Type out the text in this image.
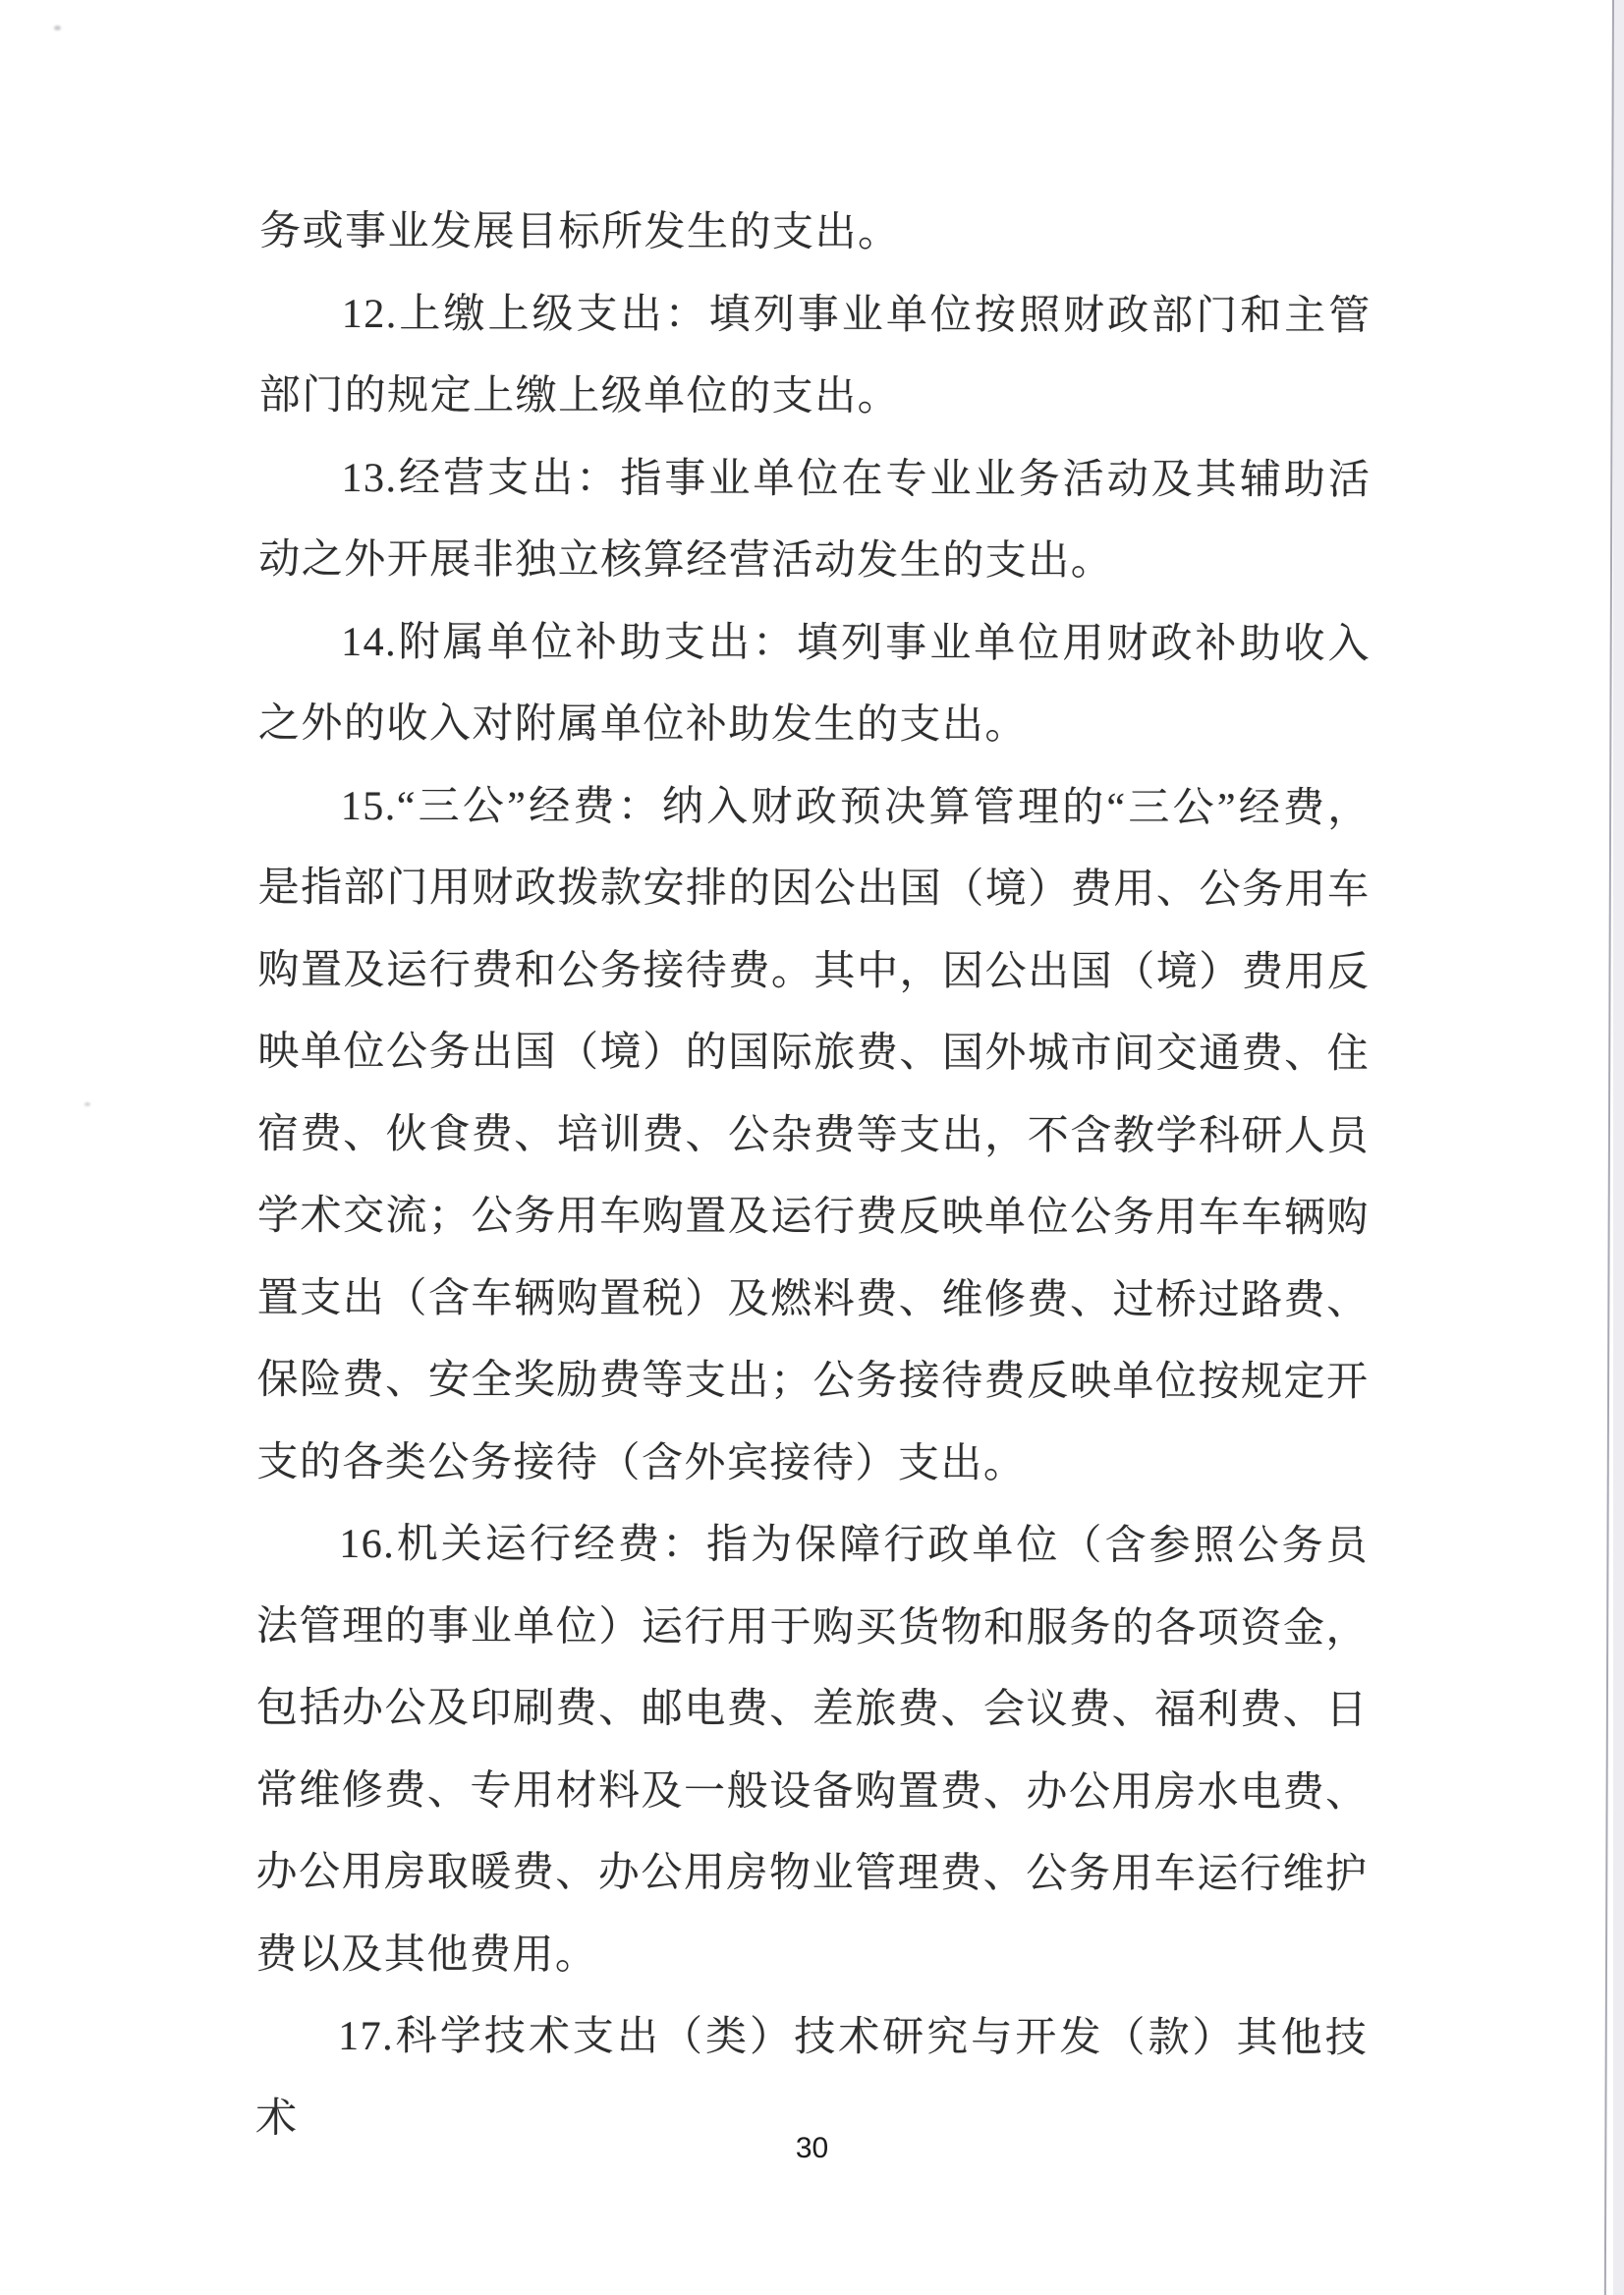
务或事业发展目标所发生的支出。

12.上缴上级支出：填列事业单位按照财政部门和主管部门的规定上缴上级单位的支出。

13.经营支出：指事业单位在专业业务活动及其辅助活动之外开展非独立核算经营活动发生的支出。

14.附属单位补助支出：填列事业单位用财政补助收入之外的收入对附属单位补助发生的支出。

15.“三公”经费：纳入财政预决算管理的“三公”经费，是指部门用财政拨款安排的因公出国（境）费用、公务用车购置及运行费和公务接待费。其中，因公出国（境）费用反映单位公务出国（境）的国际旅费、国外城市间交通费、住宿费、伙食费、培训费、公杂费等支出，不含教学科研人员学术交流；公务用车购置及运行费反映单位公务用车车辆购置支出（含车辆购置税）及燃料费、维修费、过桥过路费、保险费、安全奖励费等支出；公务接待费反映单位按规定开支的各类公务接待（含外宾接待）支出。

16.机关运行经费：指为保障行政单位（含参照公务员法管理的事业单位）运行用于购买货物和服务的各项资金，包括办公及印刷费、邮电费、差旅费、会议费、福利费、日常维修费、专用材料及一般设备购置费、办公用房水电费、办公用房取暖费、办公用房物业管理费、公务用车运行维护费以及其他费用。

17.科学技术支出（类）技术研究与开发（款）其他技术

30
